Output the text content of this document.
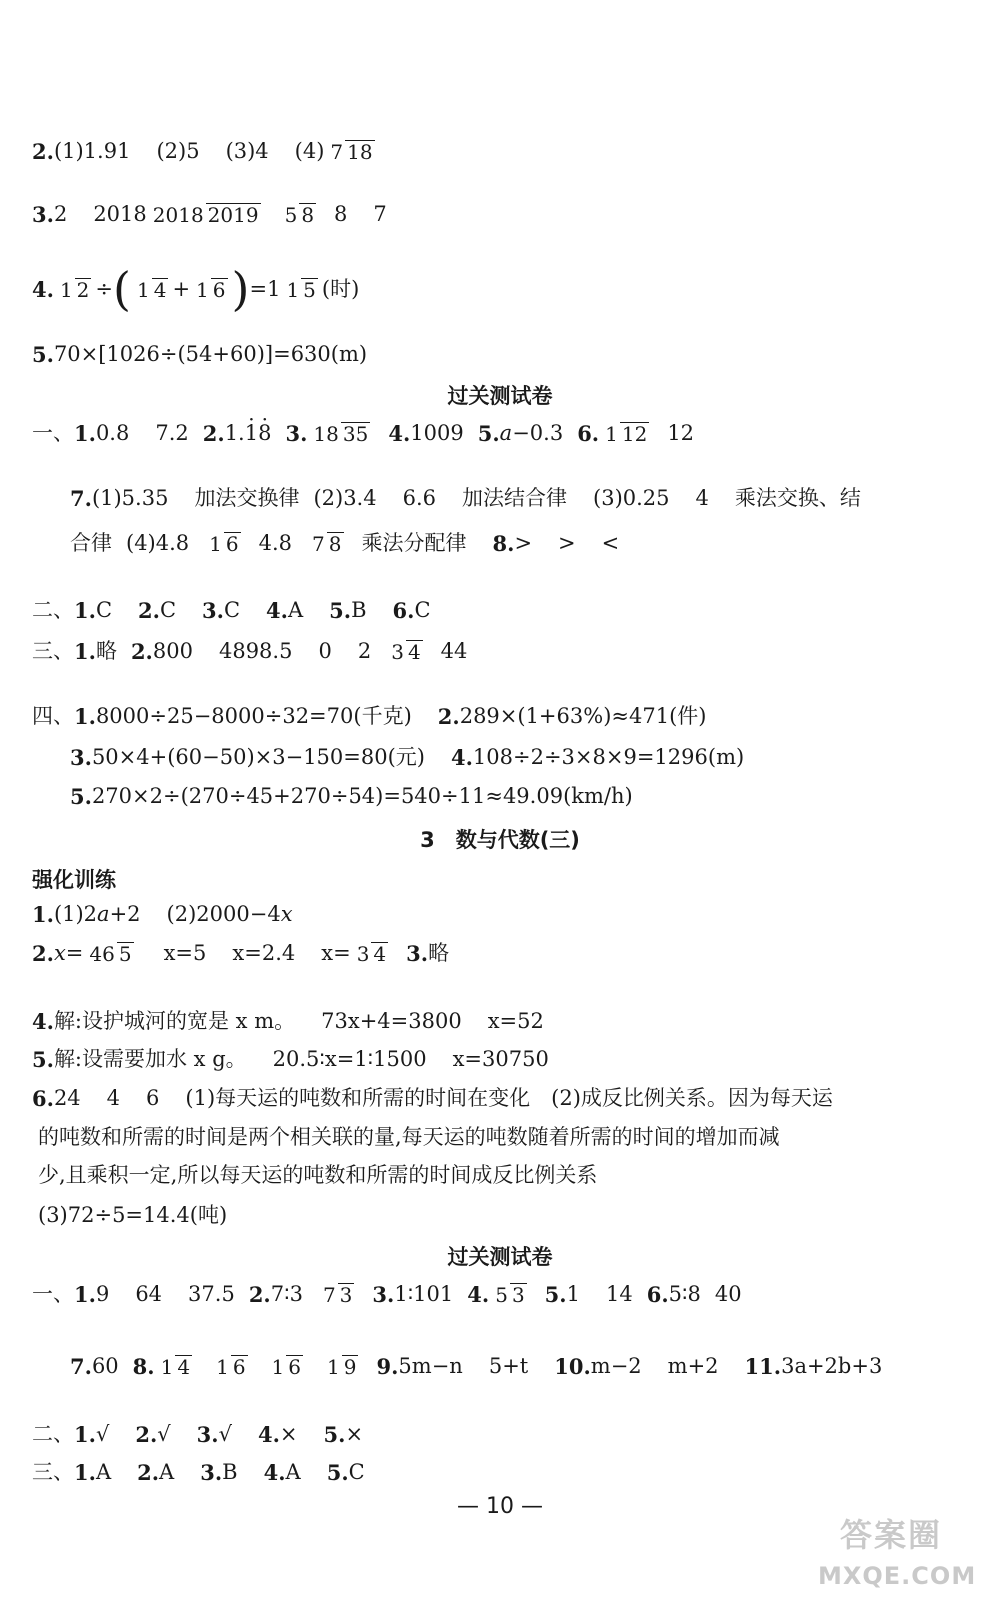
2. (1)1.91 (2)5 (3)4 (4) 7 18
3. 2 2018 2018 2019 5 8 8 7
4. 1 2 ÷ ( 1 4 + 1 6 ) =1 1 5 (时)
5. 70×[1026÷(54+60)]=630(m)
过关测试卷
一、 1. 0.8 7.2 2. 1. · 1 · 8 3. 18 35 4. 1009 5. a −0.3 6. 1 12 12
7. (1)5.35 加法交换律 (2)3.4 6.6 加法结合律 (3)0.25 4 乘法交换、结
合律 (4)4.8 1 6 4.8 7 8 乘法分配律 8. > > <
二、 1. C 2. C 3. C 4. A 5. B 6. C
三、 1. 略 2. 800 4898.5 0 2 3 4 44
四、 1. 8000÷25−8000÷32=70(千克) 2. 289×(1+63%)≈471(件)
3. 50×4+(60−50)×3−150=80(元) 4. 108÷2÷3×8×9=1296(m)
5. 270×2÷(270÷45+270÷54)=540÷11≈49.09(km/h)
3　数与代数(三)
强化训练
1. (1)2 a +2 (2)2000−4 x
2. x = 46 5 x=5 x=2.4 x= 3 4 3. 略
4. 解:设护城河的宽是 x m。 73x+4=3800 x=52
5. 解:设需要加水 x g。 20.5∶x=1∶1500 x=30750
6. 24 4 6 (1)每天运的吨数和所需的时间在变化　(2)成反比例关系。因为每天运
的吨数和所需的时间是两个相关联的量,每天运的吨数随着所需的时间的增加而减
少,且乘积一定,所以每天运的吨数和所需的时间成反比例关系
(3)72÷5=14.4(吨)
过关测试卷
一、 1. 9 64 37.5 2. 7∶3 7 3 3. 1∶101 4. 5 3 5. 1 14 6. 5∶8 40
7. 60 8. 1 4 1 6 1 6 1 9 9. 5m−n 5+t 10. m−2 m+2 11. 3a+2b+3
二、 1. √ 2. √ 3. √ 4. × 5. ×
三、 1. A 2. A 3. B 4. A 5. C
— 10 —
答案圈
MXQE.COM
